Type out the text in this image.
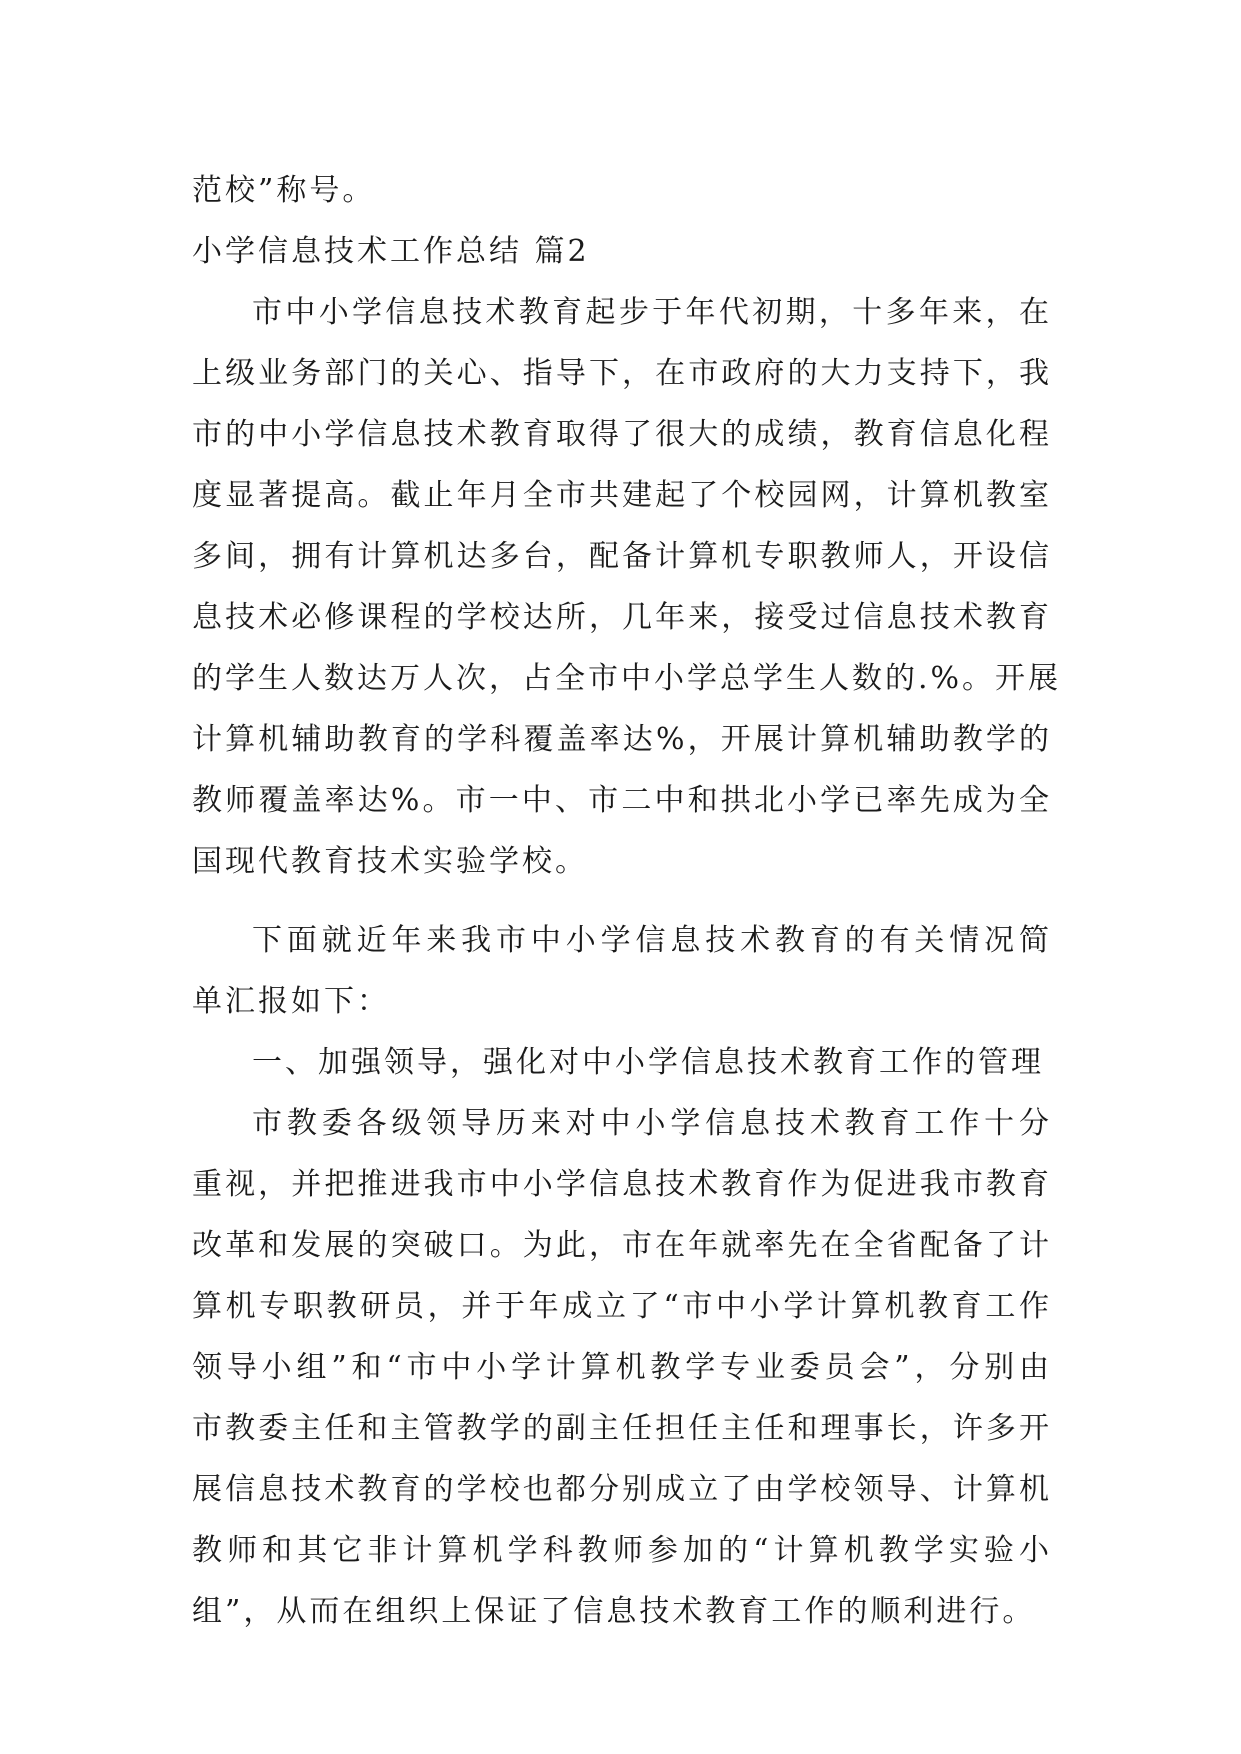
范校”称号。
小学信息技术工作总结 篇2
市中小学信息技术教育起步于年代初期，十多年来，在
上级业务部门的关心、指导下，在市政府的大力支持下，我
市的中小学信息技术教育取得了很大的成绩，教育信息化程
度显著提高。截止年月全市共建起了个校园网，计算机教室
多间，拥有计算机达多台，配备计算机专职教师人，开设信
息技术必修课程的学校达所，几年来，接受过信息技术教育
的学生人数达万人次，占全市中小学总学生人数的.%。开展
计算机辅助教育的学科覆盖率达%，开展计算机辅助教学的
教师覆盖率达%。市一中、市二中和拱北小学已率先成为全
国现代教育技术实验学校。
下面就近年来我市中小学信息技术教育的有关情况简
单汇报如下：
一、加强领导，强化对中小学信息技术教育工作的管理
市教委各级领导历来对中小学信息技术教育工作十分
重视，并把推进我市中小学信息技术教育作为促进我市教育
改革和发展的突破口。为此，市在年就率先在全省配备了计
算机专职教研员，并于年成立了“市中小学计算机教育工作
领导小组”和“市中小学计算机教学专业委员会”，分别由
市教委主任和主管教学的副主任担任主任和理事长，许多开
展信息技术教育的学校也都分别成立了由学校领导、计算机
教师和其它非计算机学科教师参加的“计算机教学实验小
组”，从而在组织上保证了信息技术教育工作的顺利进行。
